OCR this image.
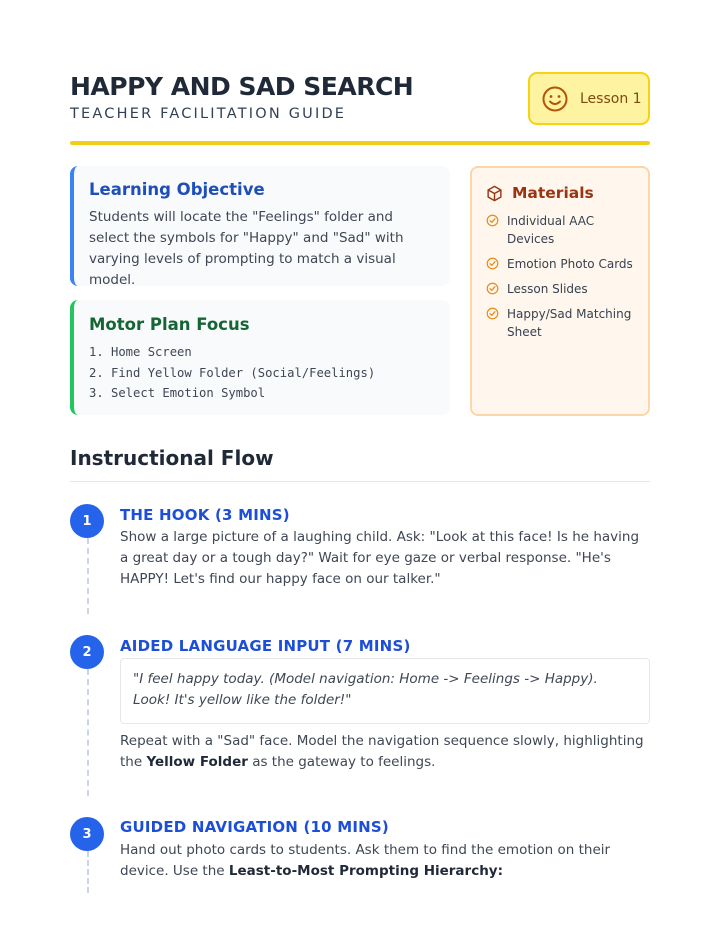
HAPPY AND SAD SEARCH
TEACHER FACILITATION GUIDE
Lesson 1
Learning Objective

Students will locate the "Feelings" folder and select the symbols for "Happy" and "Sad" with varying levels of prompting to match a visual model.

Motor Plan Focus
1. Home Screen
2. Find Yellow Folder (Social/Feelings)
3. Select Emotion Symbol
Materials
Individual AAC Devices
Emotion Photo Cards
Lesson Slides
Happy/Sad Matching Sheet
Instructional Flow
1	THE HOOK (3 MINS)
Show a large picture of a laughing child. Ask: "Look at this face! Is he having a great day or a tough day?" Wait for eye gaze or verbal response. "He's HAPPY! Let's find our happy face on our talker."
2	AIDED LANGUAGE INPUT (7 MINS)
"I feel happy today. (Model navigation: Home -> Feelings -> Happy). Look! It's yellow like the folder!"
Repeat with a "Sad" face. Model the navigation sequence slowly, highlighting the Yellow Folder as the gateway to feelings.
3	GUIDED NAVIGATION (10 MINS)
Hand out photo cards to students. Ask them to find the emotion on their device. Use the Least-to-Most Prompting Hierarchy:
